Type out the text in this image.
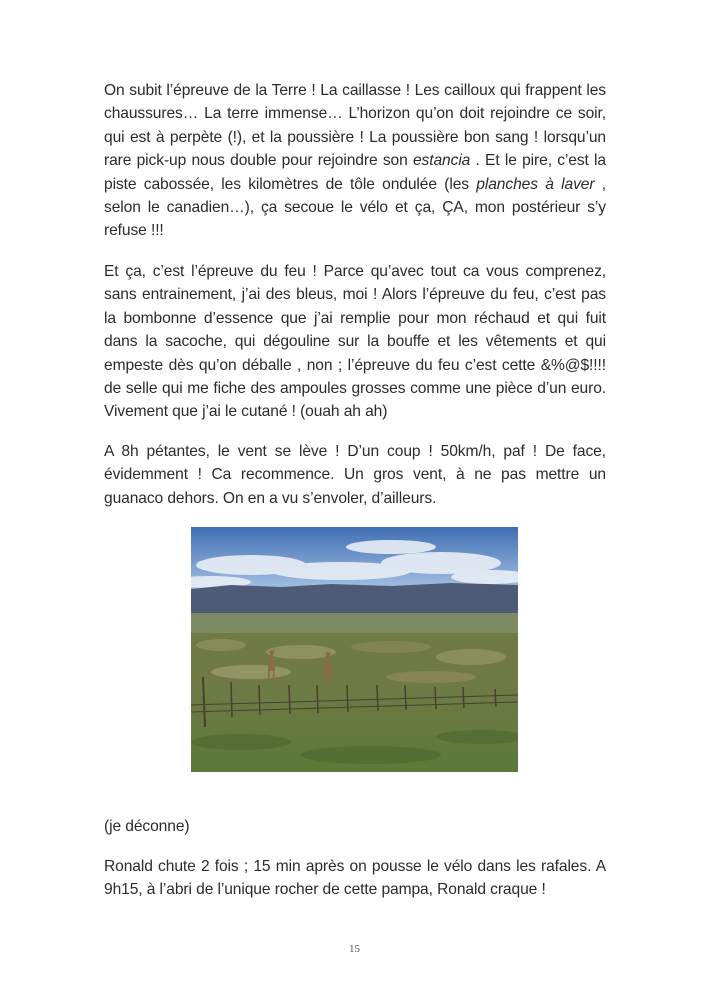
On subit l’épreuve de la Terre ! La caillasse ! Les cailloux qui frappent les chaussures… La terre immense… L’horizon qu’on doit rejoindre ce soir, qui est à perpète (!), et la poussière ! La poussière bon sang ! lorsqu’un rare pick-up nous double pour rejoindre son estancia . Et le pire, c’est la piste cabossée, les kilomètres de tôle ondulée (les planches à laver , selon le canadien…), ça secoue le vélo et ça, ÇA, mon postérieur s’y refuse !!!

Et ça, c’est l’épreuve du feu ! Parce qu’avec tout ca vous comprenez, sans entrainement, j’ai des bleus, moi ! Alors l’épreuve du feu, c’est pas la bombonne d’essence que j’ai remplie pour mon réchaud et qui fuit dans la sacoche, qui dégouline sur la bouffe et les vêtements et qui empeste dès qu’on déballe , non ; l’épreuve du feu c’est cette &%@$!!!! de selle qui me fiche des ampoules grosses comme une pièce d’un euro. Vivement que j’ai le cutané ! (ouah ah ah)

A 8h pétantes, le vent se lève ! D’un coup ! 50km/h, paf ! De face, évidemment ! Ca recommence. Un gros vent, à ne pas mettre un guanaco dehors. On en a vu s’envoler, d’ailleurs.

(je déconne)

Ronald chute 2 fois ; 15 min après on pousse le vélo dans les rafales. A 9h15, à l’abri de l’unique rocher de cette pampa, Ronald craque !

15
